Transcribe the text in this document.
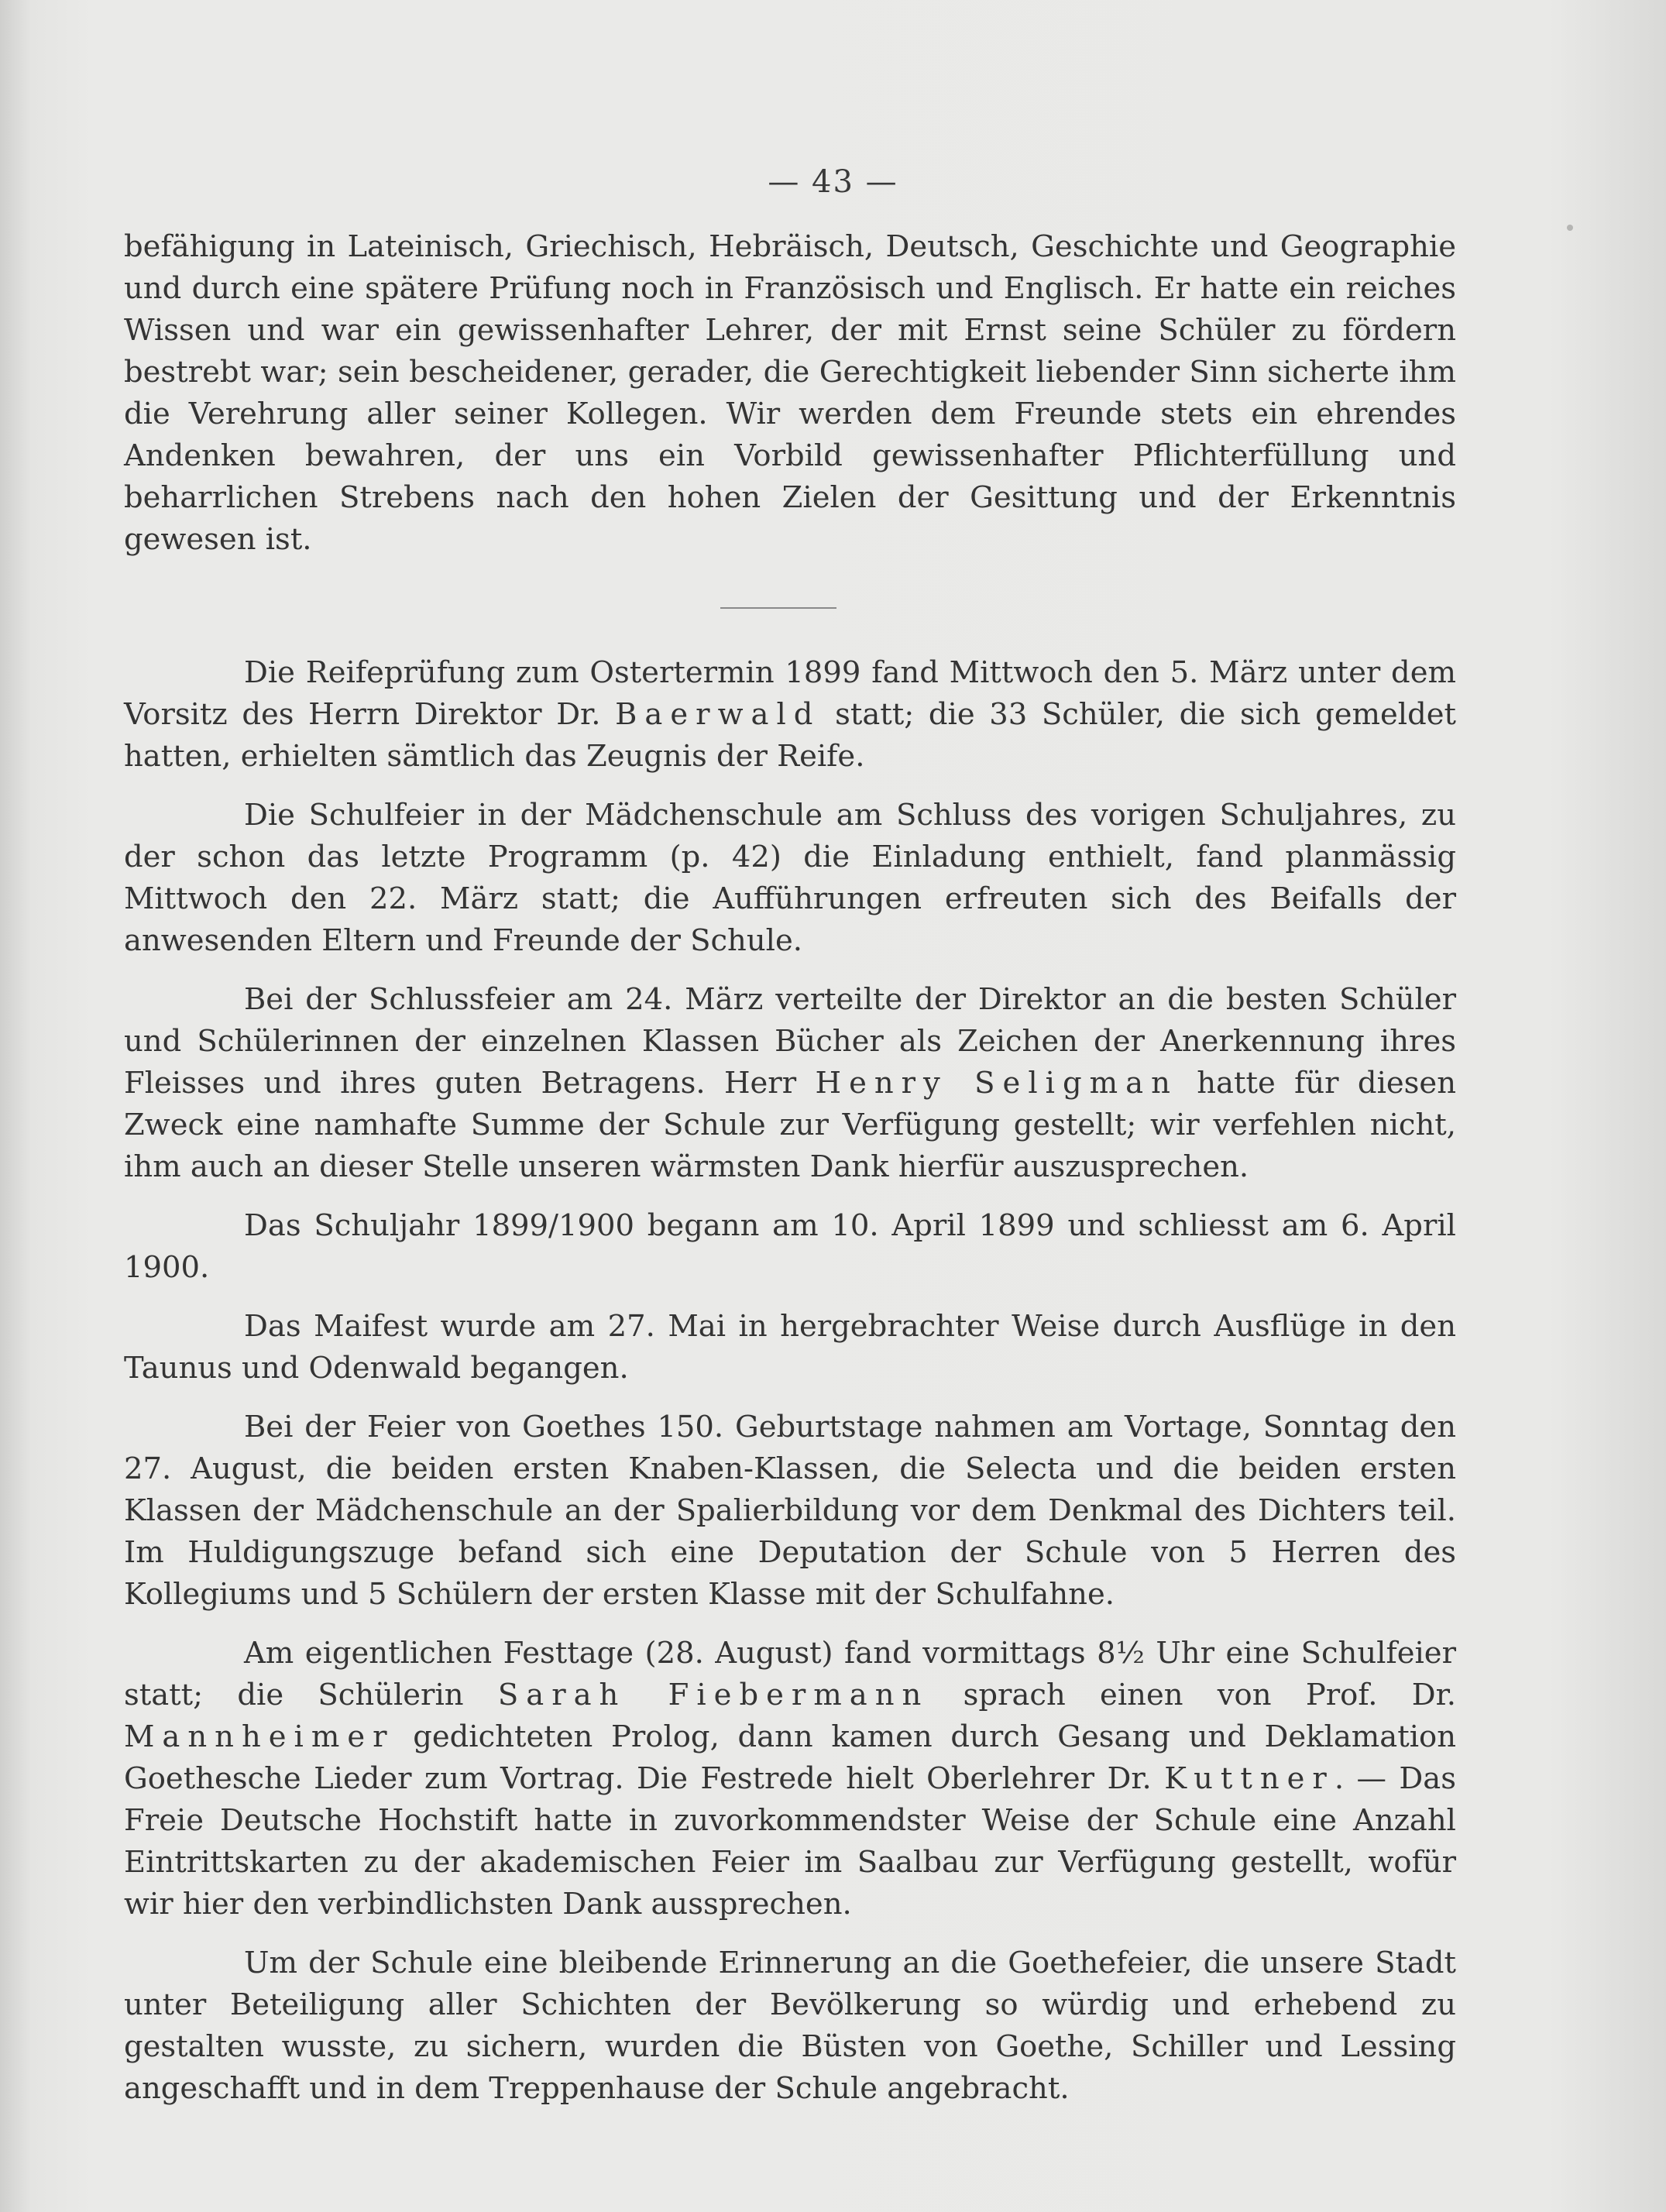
— 43 —

befähigung in Lateinisch, Griechisch, Hebräisch, Deutsch, Geschichte und Geographie und durch eine spätere Prüfung noch in Französisch und Englisch. Er hatte ein reiches Wissen und war ein gewissenhafter Lehrer, der mit Ernst seine Schüler zu fördern bestrebt war; sein bescheidener, gerader, die Gerechtigkeit liebender Sinn sicherte ihm die Verehrung aller seiner Kollegen. Wir werden dem Freunde stets ein ehrendes Andenken bewahren, der uns ein Vorbild gewissenhafter Pflichterfüllung und beharrlichen Strebens nach den hohen Zielen der Gesittung und der Erkenntnis gewesen ist.

Die Reifeprüfung zum Ostertermin 1899 fand Mittwoch den 5. März unter dem Vorsitz des Herrn Direktor Dr. Baerwald statt; die 33 Schüler, die sich gemeldet hatten, erhielten sämtlich das Zeugnis der Reife.

Die Schulfeier in der Mädchenschule am Schluss des vorigen Schuljahres, zu der schon das letzte Programm (p. 42) die Einladung enthielt, fand planmässig Mittwoch den 22. März statt; die Aufführungen erfreuten sich des Beifalls der anwesenden Eltern und Freunde der Schule.

Bei der Schlussfeier am 24. März verteilte der Direktor an die besten Schüler und Schülerinnen der einzelnen Klassen Bücher als Zeichen der Anerkennung ihres Fleisses und ihres guten Betragens. Herr Henry Seligman hatte für diesen Zweck eine namhafte Summe der Schule zur Verfügung gestellt; wir verfehlen nicht, ihm auch an dieser Stelle unseren wärmsten Dank hierfür auszusprechen.

Das Schuljahr 1899/1900 begann am 10. April 1899 und schliesst am 6. April 1900.

Das Maifest wurde am 27. Mai in hergebrachter Weise durch Ausflüge in den Taunus und Odenwald begangen.

Bei der Feier von Goethes 150. Geburtstage nahmen am Vortage, Sonntag den 27. August, die beiden ersten Knaben-Klassen, die Selecta und die beiden ersten Klassen der Mädchenschule an der Spalierbildung vor dem Denkmal des Dichters teil. Im Huldigungszuge befand sich eine Deputation der Schule von 5 Herren des Kollegiums und 5 Schülern der ersten Klasse mit der Schulfahne.

Am eigentlichen Festtage (28. August) fand vormittags 8½ Uhr eine Schulfeier statt; die Schülerin Sarah Fiebermann sprach einen von Prof. Dr. Mannheimer gedichteten Prolog, dann kamen durch Gesang und Deklamation Goethesche Lieder zum Vortrag. Die Festrede hielt Oberlehrer Dr. Kuttner. — Das Freie Deutsche Hochstift hatte in zuvorkommendster Weise der Schule eine Anzahl Eintrittskarten zu der akademischen Feier im Saalbau zur Verfügung gestellt, wofür wir hier den verbindlichsten Dank aussprechen.

Um der Schule eine bleibende Erinnerung an die Goethefeier, die unsere Stadt unter Beteiligung aller Schichten der Bevölkerung so würdig und erhebend zu gestalten wusste, zu sichern, wurden die Büsten von Goethe, Schiller und Lessing angeschafft und in dem Treppenhause der Schule angebracht.
